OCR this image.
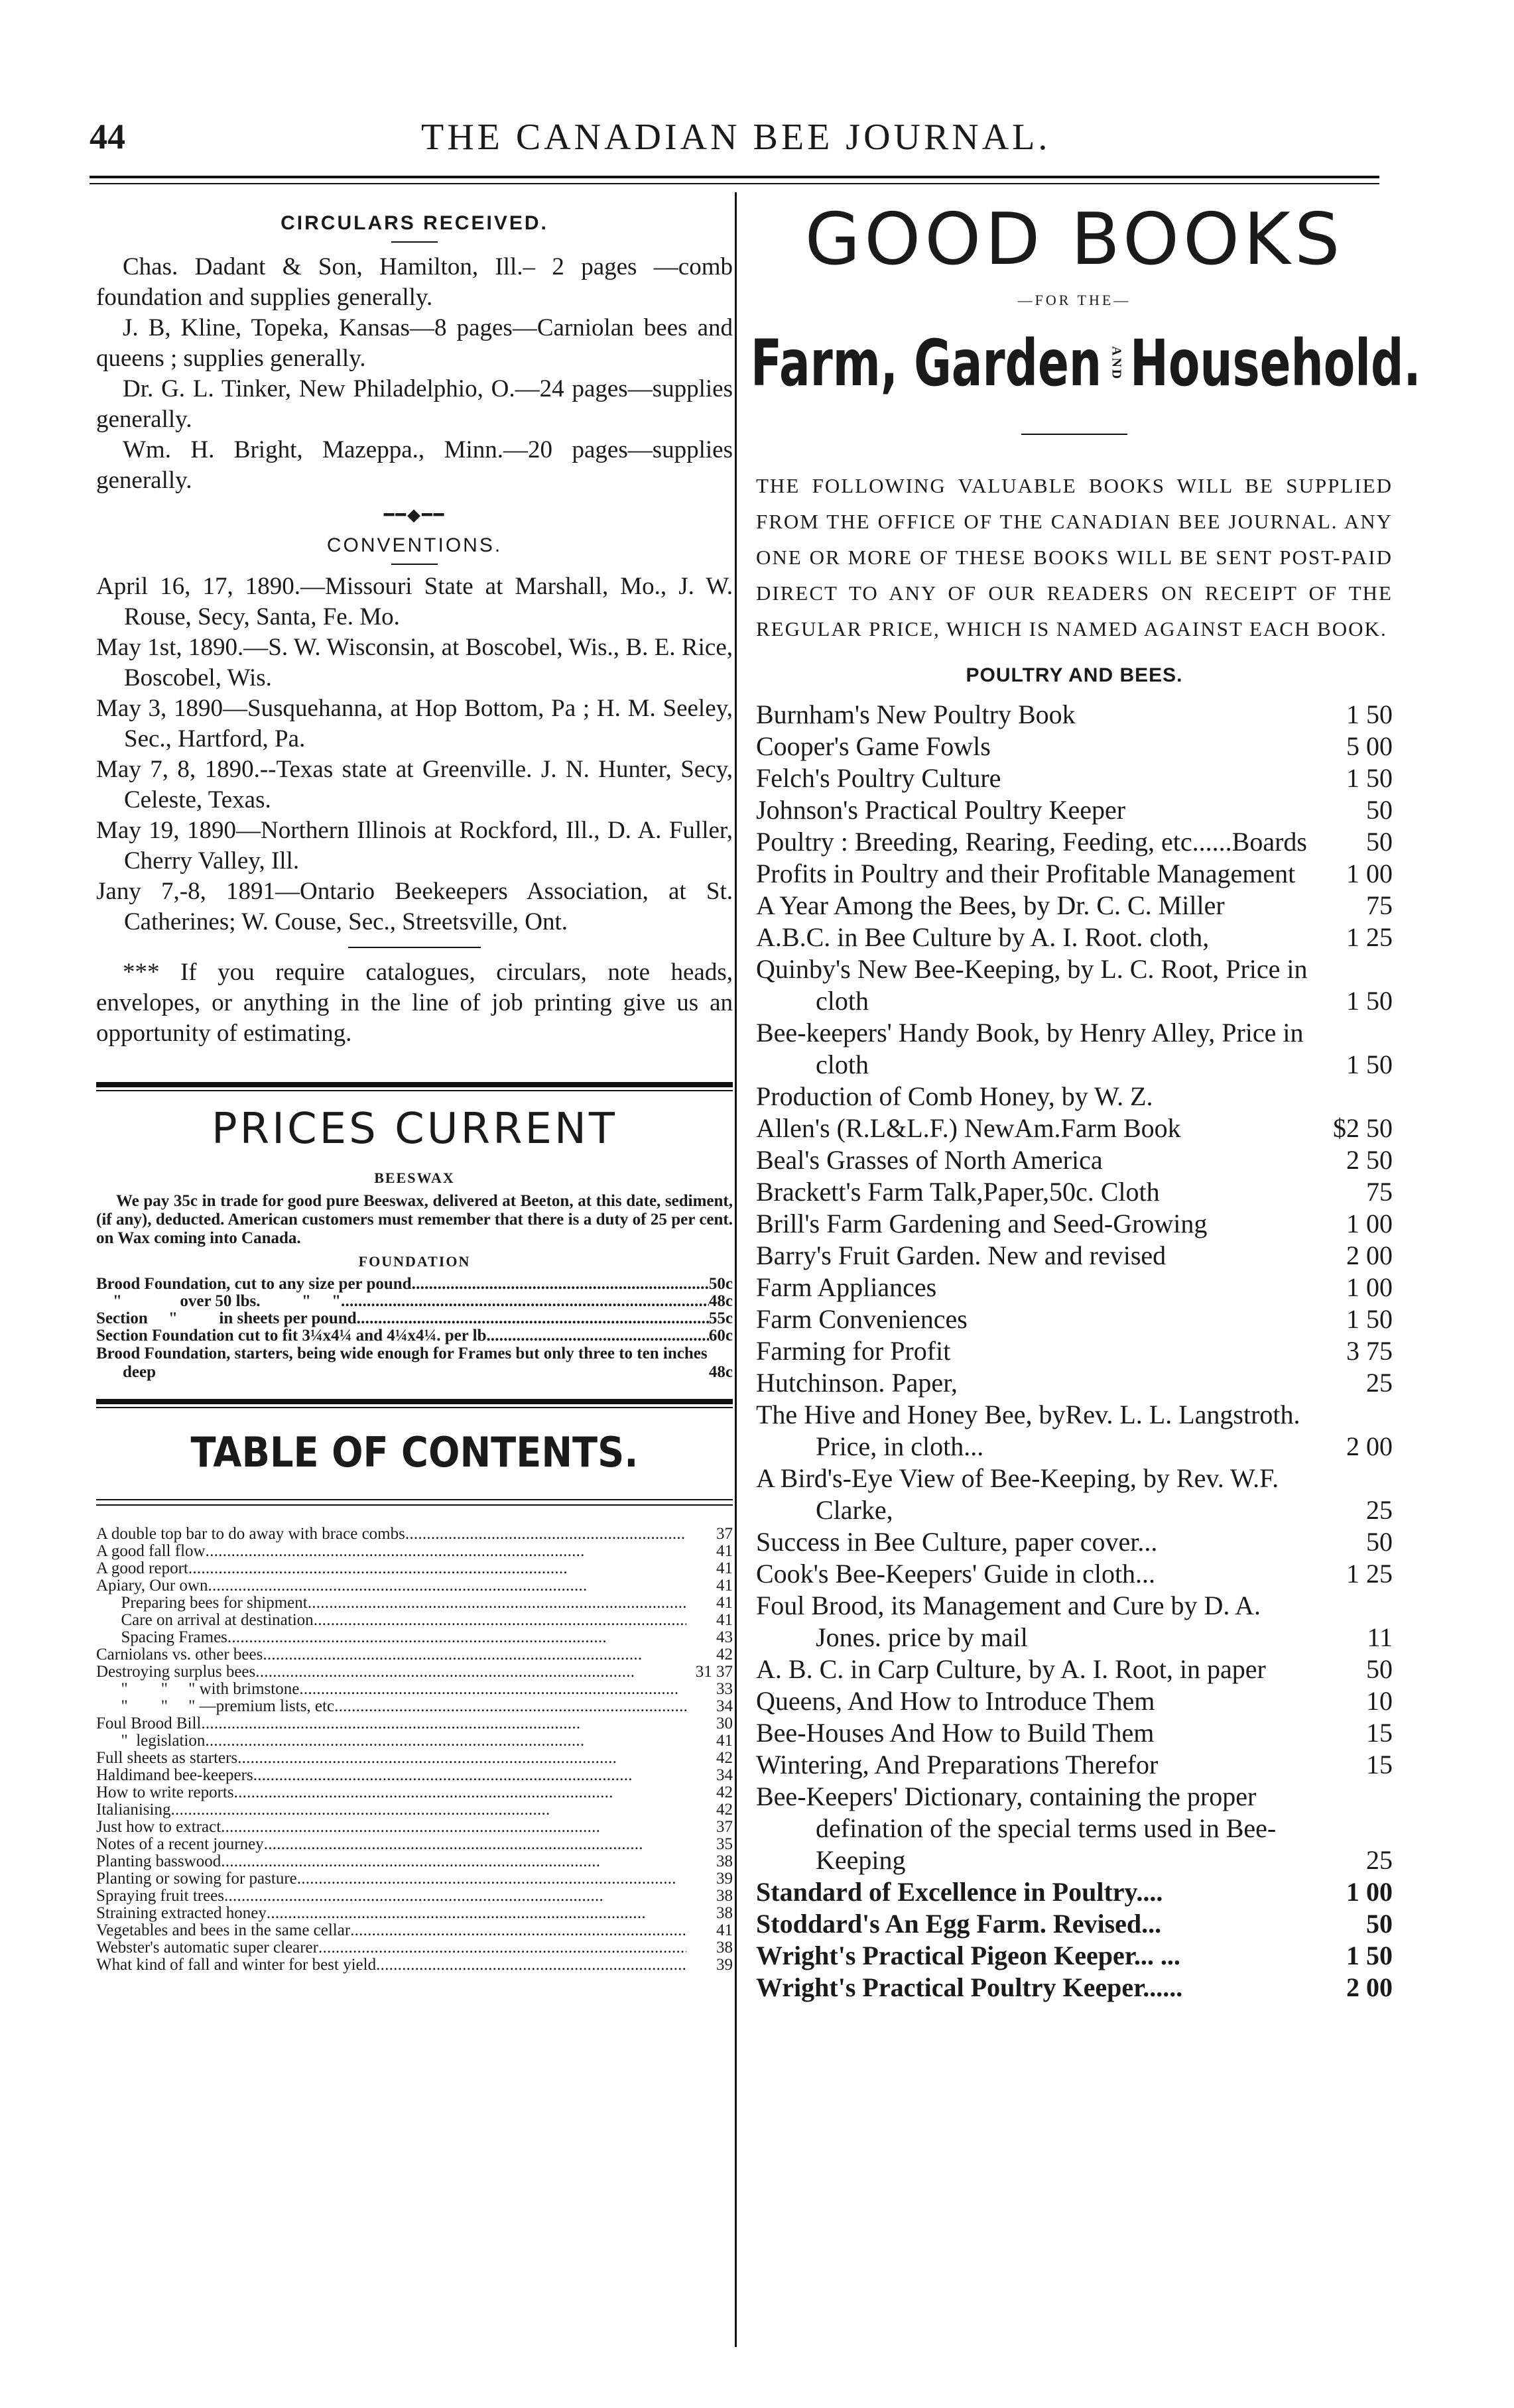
44	THE CANADIAN BEE JOURNAL.
CIRCULARS RECEIVED.

Chas. Dadant & Son, Hamilton, Ill.– 2 pages —comb foundation and supplies generally.

J. B, Kline, Topeka, Kansas—8 pages—Carniolan bees and queens ; supplies generally.

Dr. G. L. Tinker, New Philadelphio, O.—24 pages—supplies generally.

Wm. H. Bright, Mazeppa., Minn.—20 pages—supplies generally.

━━◆━━
CONVENTIONS.

April 16, 17, 1890.—Missouri State at Marshall, Mo., J. W. Rouse, Secy, Santa, Fe. Mo.

May 1st, 1890.—S. W. Wisconsin, at Boscobel, Wis., B. E. Rice, Boscobel, Wis.

May 3, 1890—Susquehanna, at Hop Bottom, Pa ; H. M. Seeley, Sec., Hartford, Pa.

May 7, 8, 1890.--Texas state at Greenville. J. N. Hunter, Secy, Celeste, Texas.

May 19, 1890—Northern Illinois at Rockford, Ill., D. A. Fuller, Cherry Valley, Ill.

Jany 7,-8, 1891—Ontario Beekeepers Association, at St. Catherines; W. Couse, Sec., Streetsville, Ont.

*** If you require catalogues, circulars, note heads, envelopes, or anything in the line of job printing give us an opportunity of estimating.

PRICES CURRENT
BEESWAX

We pay 35c in trade for good pure Beeswax, delivered at Beeton, at this date, sediment, (if any), deducted. American customers must remember that there is a duty of 25 per cent. on Wax coming into Canada.

FOUNDATION
Brood Foundation, cut to any size per pound . . .	50c
"              over 50 lbs.          "     " . . .	48c
Section     "          in sheets per pound . . .	55c
Section Foundation cut to fit 3¼x4¼ and 4¼x4¼. per lb. . . .	60c
Brood Foundation, starters, being wide enough for Frames but only three to ten inches deep	48c
TABLE OF CONTENTS.
A double top bar to do away with brace combs . . .	37
A good fall flow . . .	41
A good report . . .	41
Apiary, Our own . . .	41
Preparing bees for shipment . . .	41
Care on arrival at destination . . .	41
Spacing Frames . . .	43
Carniolans vs. other bees . . .	42
Destroying surplus bees . . .	31 37
"        "     " with brimstone . . .	33
"        "     " —premium lists, etc . . .	34
Foul Brood Bill . . .	30
"  legislation . . .	41
Full sheets as starters . . .	42
Haldimand bee-keepers . . .	34
How to write reports . . .	42
Italianising . . .	42
Just how to extract . . .	37
Notes of a recent journey . . .	35
Planting basswood . . .	38
Planting or sowing for pasture . . .	39
Spraying fruit trees . . .	38
Straining extracted honey . . .	38
Vegetables and bees in the same cellar . . .	41
Webster's automatic super clearer . . .	38
What kind of fall and winter for best yield . . .	39
GOOD BOOKS
—FOR THE—
Farm, Garden AND Household.

THE FOLLOWING VALUABLE BOOKS WILL BE SUPPLIED FROM THE OFFICE OF THE CANADIAN BEE JOURNAL. ANY ONE OR MORE OF THESE BOOKS WILL BE SENT POST-PAID DIRECT TO ANY OF OUR READERS ON RECEIPT OF THE REGULAR PRICE, WHICH IS NAMED AGAINST EACH BOOK.

POULTRY AND BEES.
Burnham's New Poultry Book	1 50
Cooper's Game Fowls	5 00
Felch's Poultry Culture	1 50
Johnson's Practical Poultry Keeper	50
Poultry : Breeding, Rearing, Feeding, etc......Boards	50
Profits in Poultry and their Profitable Management	1 00
A Year Among the Bees, by Dr. C. C. Miller	75
A.B.C. in Bee Culture by A. I. Root. cloth,	1 25
Quinby's New Bee-Keeping, by L. C. Root, Price in cloth	1 50
Bee-keepers' Handy Book, by Henry Alley, Price in cloth	1 50
Production of Comb Honey, by W. Z.
Allen's (R.L&L.F.) NewAm.Farm Book	$2 50
Beal's Grasses of North America	2 50
Brackett's Farm Talk,Paper,50c. Cloth	75
Brill's Farm Gardening and Seed-Growing	1 00
Barry's Fruit Garden. New and revised	2 00
Farm Appliances	1 00
Farm Conveniences	1 50
Farming for Profit	3 75
Hutchinson. Paper,	25
The Hive and Honey Bee, byRev. L. L. Langstroth. Price, in cloth...	2 00
A Bird's-Eye View of Bee-Keeping, by Rev. W.F. Clarke,	25
Success in Bee Culture, paper cover...	50
Cook's Bee-Keepers' Guide in cloth...	1 25
Foul Brood, its Management and Cure by D. A. Jones. price by mail	11
A. B. C. in Carp Culture, by A. I. Root, in paper	50
Queens, And How to Introduce Them	10
Bee-Houses And How to Build Them	15
Wintering, And Preparations Therefor	15
Bee-Keepers' Dictionary, containing the proper defination of the special terms used in Bee-Keeping	25
Standard of Excellence in Poultry....	1 00
Stoddard's An Egg Farm. Revised...	50
Wright's Practical Pigeon Keeper... ...	1 50
Wright's Practical Poultry Keeper......	2 00
